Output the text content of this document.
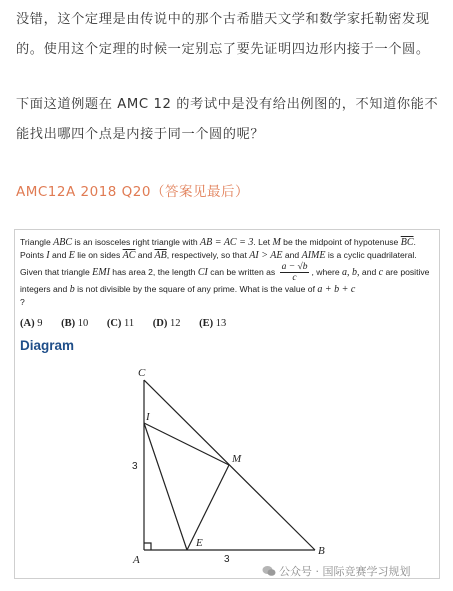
没错，这个定理是由传说中的那个古希腊天文学和数学家托勒密发现的。使用这个定理的时候一定别忘了要先证明四边形内接于一个圆。
下面这道例题在 AMC 12 的考试中是没有给出例图的，不知道你能不能找出哪四个点是内接于同一个圆的呢？
AMC12A 2018 Q20（答案见最后）
Triangle ABC is an isosceles right triangle with AB = AC = 3. Let M be the midpoint of hypotenuse $\overline{BC}$. Points I and E lie on sides $\overline{AC}$ and $\overline{AB}$, respectively, so that AI > AE and AIME is a cyclic quadrilateral. Given that triangle EMI has area 2, the length CI can be written as $\frac{a - √b}{c}$ , where a, b, and c are positive integers and b is not divisible by the square of any prime. What is the value of a + b + c
?
(A) 9 (B) 10 (C) 11 (D) 12 (E) 13
Diagram
C
I
M
E
A
B
3
3
公众号 · 国际竞赛学习规划
